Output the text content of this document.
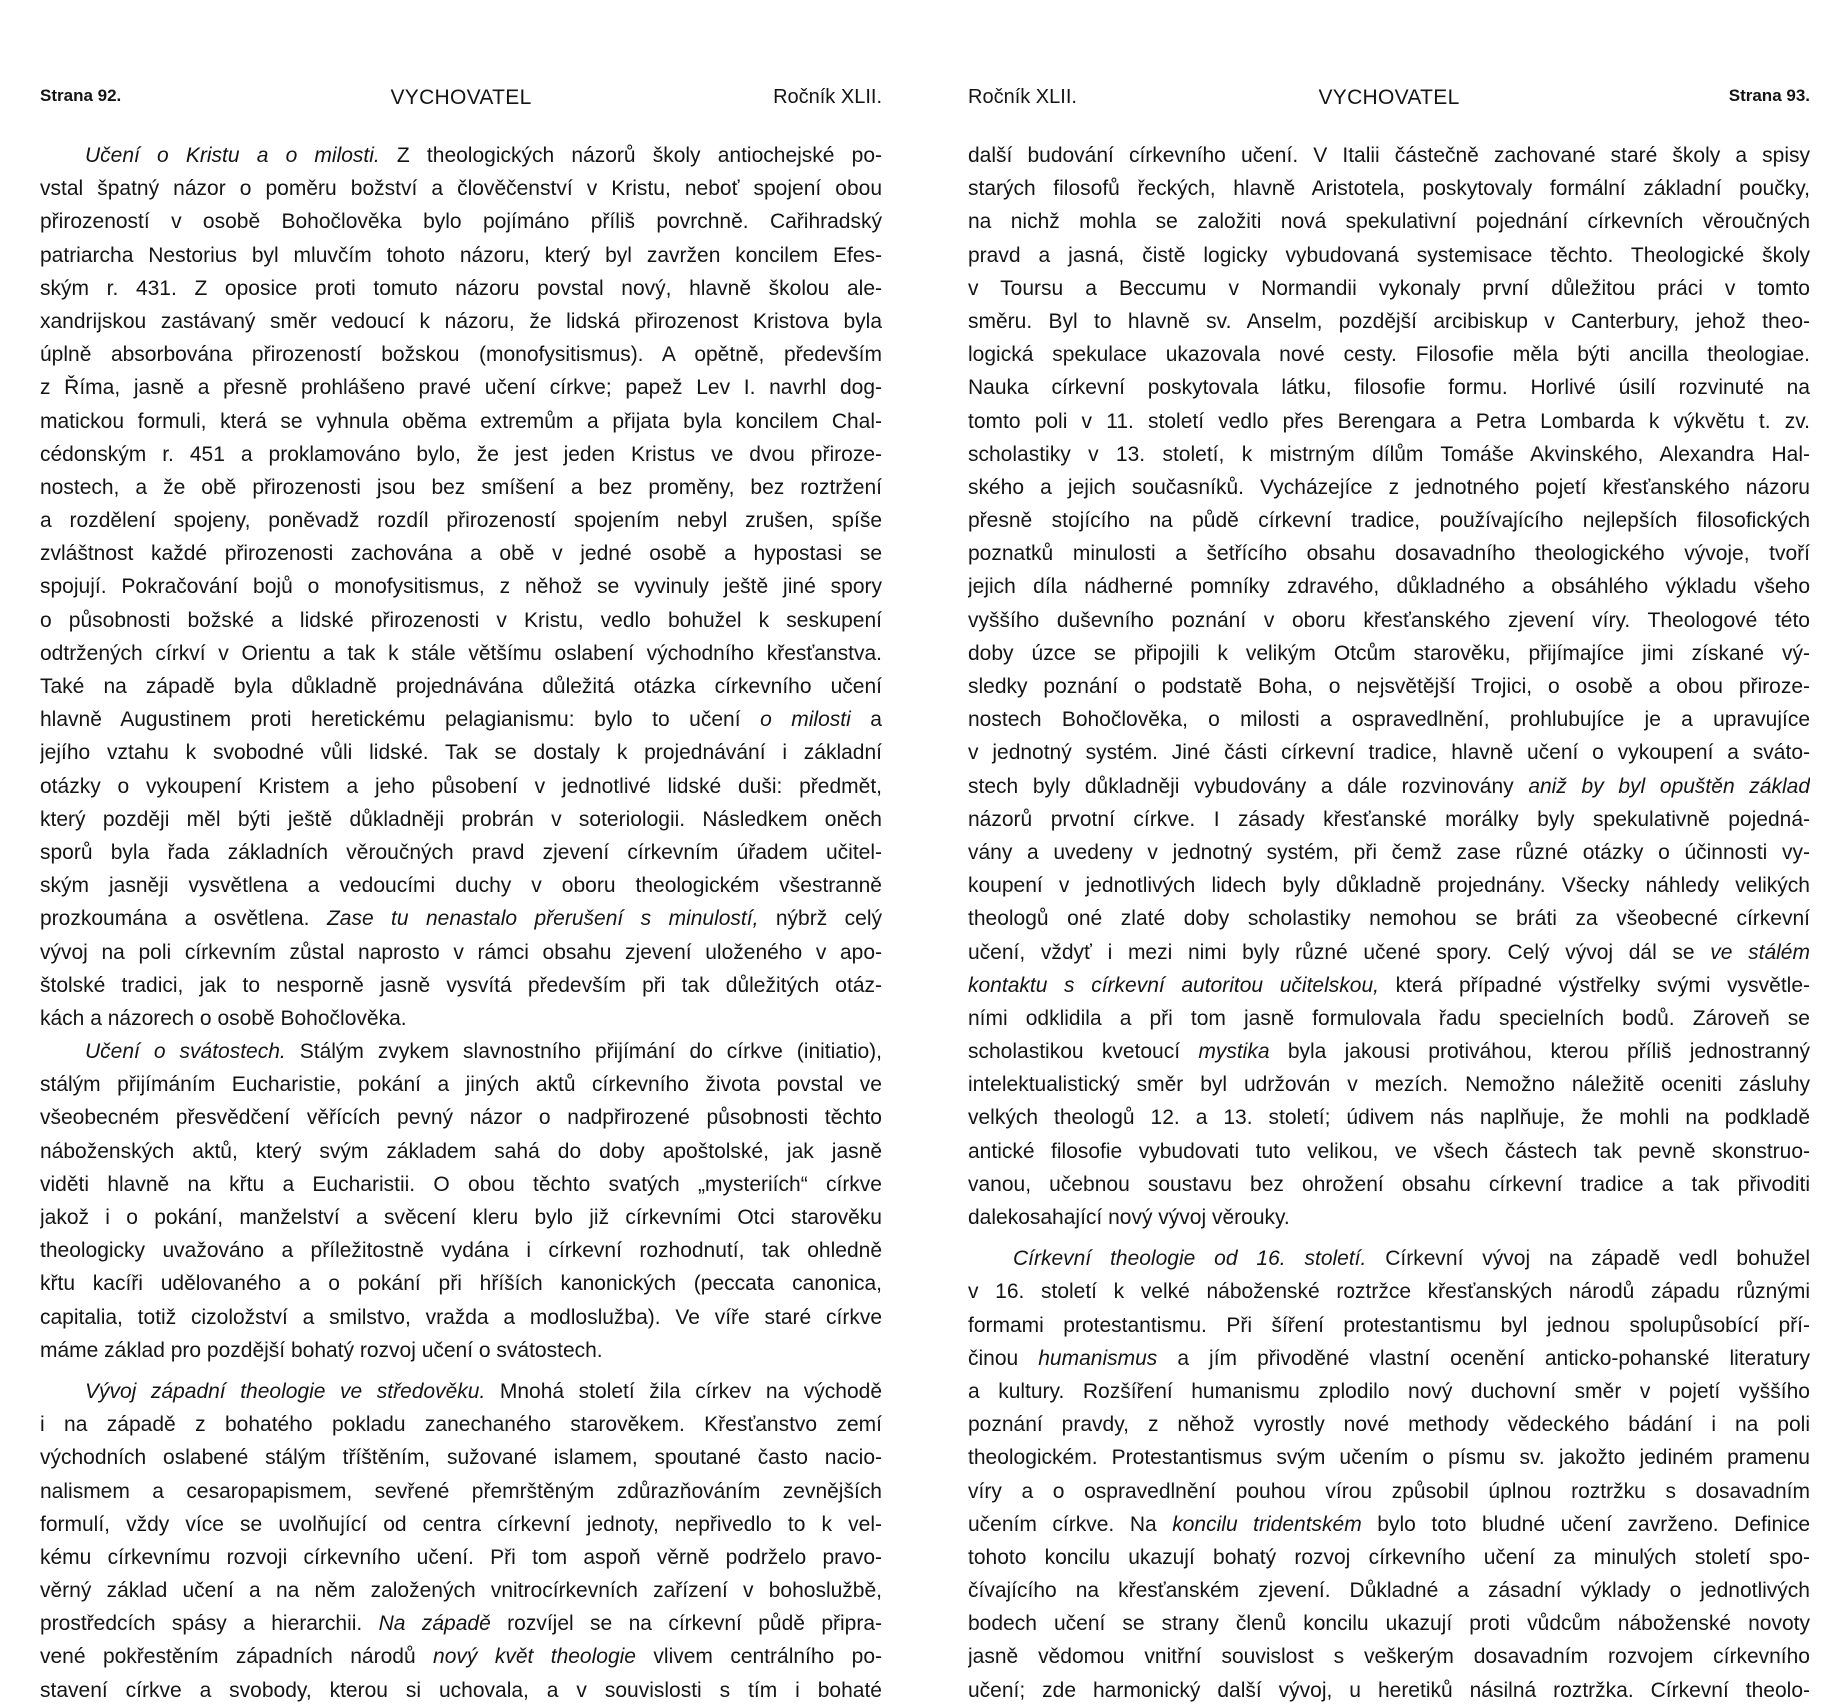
Strana 92.	VYCHOVATEL	Ročník XLII.
Učení o Kristu a o milosti. Z theologických názorů školy antiochejské po-
vstal špatný názor o poměru božství a člověčenství v Kristu, neboť spojení obou
přirozeností v osobě Bohočlověka bylo pojímáno příliš povrchně. Cařihradský
patriarcha Nestorius byl mluvčím tohoto názoru, který byl zavržen koncilem Efes-
ským r. 431. Z oposice proti tomuto názoru povstal nový, hlavně školou ale-
xandrijskou zastávaný směr vedoucí k názoru, že lidská přirozenost Kristova byla
úplně absorbována přirozeností božskou (monofysitismus). A opětně, především
z Říma, jasně a přesně prohlášeno pravé učení církve; papež Lev I. navrhl dog-
matickou formuli, která se vyhnula oběma extremům a přijata byla koncilem Chal-
cédonským r. 451 a proklamováno bylo, že jest jeden Kristus ve dvou přiroze-
nostech, a že obě přirozenosti jsou bez smíšení a bez proměny, bez roztržení
a rozdělení spojeny, poněvadž rozdíl přirozeností spojením nebyl zrušen, spíše
zvláštnost každé přirozenosti zachována a obě v jedné osobě a hypostasi se
spojují. Pokračování bojů o monofysitismus, z něhož se vyvinuly ještě jiné spory
o působnosti božské a lidské přirozenosti v Kristu, vedlo bohužel k seskupení
odtržených církví v Orientu a tak k stále většímu oslabení východního křesťanstva.
Také na západě byla důkladně projednávána důležitá otázka církevního učení
hlavně Augustinem proti heretickému pelagianismu: bylo to učení o milosti a
jejího vztahu k svobodné vůli lidské. Tak se dostaly k projednávání i základní
otázky o vykoupení Kristem a jeho působení v jednotlivé lidské duši: předmět,
který později měl býti ještě důkladněji probrán v soteriologii. Následkem oněch
sporů byla řada základních věroučných pravd zjevení církevním úřadem učitel-
ským jasněji vysvětlena a vedoucími duchy v oboru theologickém všestranně
prozkoumána a osvětlena. Zase tu nenastalo přerušení s minulostí, nýbrž celý
vývoj na poli církevním zůstal naprosto v rámci obsahu zjevení uloženého v apo-
štolské tradici, jak to nesporně jasně vysvítá především při tak důležitých otáz-
kách a názorech o osobě Bohočlověka.
Učení o svátostech. Stálým zvykem slavnostního přijímání do církve (initiatio),
stálým přijímáním Eucharistie, pokání a jiných aktů církevního života povstal ve
všeobecném přesvědčení věřících pevný názor o nadpřirozené působnosti těchto
náboženských aktů, který svým základem sahá do doby apoštolské, jak jasně
viděti hlavně na křtu a Eucharistii. O obou těchto svatých „mysteriích“ církve
jakož i o pokání, manželství a svěcení kleru bylo již církevními Otci starověku
theologicky uvažováno a příležitostně vydána i církevní rozhodnutí, tak ohledně
křtu kacíři udělovaného a o pokání při hříších kanonických (peccata canonica,
capitalia, totiž cizoložství a smilstvo, vražda a modloslužba). Ve víře staré církve
máme základ pro pozdější bohatý rozvoj učení o svátostech.
Vývoj západní theologie ve středověku. Mnohá století žila církev na východě
i na západě z bohatého pokladu zanechaného starověkem. Křesťanstvo zemí
východních oslabené stálým tříštěním, sužované islamem, spoutané často nacio-
nalismem a cesaropapismem, sevřené přemrštěným zdůrazňováním zevnějších
formulí, vždy více se uvolňující od centra církevní jednoty, nepřivedlo to k vel-
kému církevnímu rozvoji církevního učení. Při tom aspoň věrně podrželo pravo-
věrný základ učení a na něm založených vnitrocírkevních zařízení v bohoslužbě,
prostředcích spásy a hierarchii. Na západě rozvíjel se na církevní půdě připra-
vené pokřestěním západních národů nový květ theologie vlivem centrálního po-
stavení církve a svobody, kterou si uchovala, a v souvislosti s tím i bohaté
Ročník XLII.	VYCHOVATEL	Strana 93.
další budování církevního učení. V Italii částečně zachované staré školy a spisy
starých filosofů řeckých, hlavně Aristotela, poskytovaly formální základní poučky,
na nichž mohla se založiti nová spekulativní pojednání církevních věroučných
pravd a jasná, čistě logicky vybudovaná systemisace těchto. Theologické školy
v Toursu a Beccumu v Normandii vykonaly první důležitou práci v tomto
směru. Byl to hlavně sv. Anselm, pozdější arcibiskup v Canterbury, jehož theo-
logická spekulace ukazovala nové cesty. Filosofie měla býti ancilla theologiae.
Nauka církevní poskytovala látku, filosofie formu. Horlivé úsilí rozvinuté na
tomto poli v 11. století vedlo přes Berengara a Petra Lombarda k výkvětu t. zv.
scholastiky v 13. století, k mistrným dílům Tomáše Akvinského, Alexandra Hal-
ského a jejich současníků. Vycházejíce z jednotného pojetí křesťanského názoru
přesně stojícího na půdě církevní tradice, používajícího nejlepších filosofických
poznatků minulosti a šetřícího obsahu dosavadního theologického vývoje, tvoří
jejich díla nádherné pomníky zdravého, důkladného a obsáhlého výkladu všeho
vyššího duševního poznání v oboru křesťanského zjevení víry. Theologové této
doby úzce se připojili k velikým Otcům starověku, přijímajíce jimi získané vý-
sledky poznání o podstatě Boha, o nejsvětější Trojici, o osobě a obou přiroze-
nostech Bohočlověka, o milosti a ospravedlnění, prohlubujíce je a upravujíce
v jednotný systém. Jiné části církevní tradice, hlavně učení o vykoupení a sváto-
stech byly důkladněji vybudovány a dále rozvinovány aniž by byl opuštěn základ
názorů prvotní církve. I zásady křesťanské morálky byly spekulativně pojedná-
vány a uvedeny v jednotný systém, při čemž zase různé otázky o účinnosti vy-
koupení v jednotlivých lidech byly důkladně projednány. Všecky náhledy velikých
theologů oné zlaté doby scholastiky nemohou se bráti za všeobecné církevní
učení, vždyť i mezi nimi byly různé učené spory. Celý vývoj dál se ve stálém
kontaktu s církevní autoritou učitelskou, která případné výstřelky svými vysvětle-
ními odklidila a při tom jasně formulovala řadu specielních bodů. Zároveň se
scholastikou kvetoucí mystika byla jakousi protiváhou, kterou příliš jednostranný
intelektualistický směr byl udržován v mezích. Nemožno náležitě oceniti zásluhy
velkých theologů 12. a 13. století; údivem nás naplňuje, že mohli na podkladě
antické filosofie vybudovati tuto velikou, ve všech částech tak pevně skonstruo-
vanou, učebnou soustavu bez ohrožení obsahu církevní tradice a tak přivoditi
dalekosahající nový vývoj věrouky.
Církevní theologie od 16. století. Církevní vývoj na západě vedl bohužel
v 16. století k velké náboženské roztržce křesťanských národů západu různými
formami protestantismu. Při šíření protestantismu byl jednou spolupůsobící pří-
činou humanismus a jím přivoděné vlastní ocenění anticko-pohanské literatury
a kultury. Rozšíření humanismu zplodilo nový duchovní směr v pojetí vyššího
poznání pravdy, z něhož vyrostly nové methody vědeckého bádání i na poli
theologickém. Protestantismus svým učením o písmu sv. jakožto jediném pramenu
víry a o ospravedlnění pouhou vírou způsobil úplnou roztržku s dosavadním
učením církve. Na koncilu tridentském bylo toto bludné učení zavrženo. Definice
tohoto koncilu ukazují bohatý rozvoj církevního učení za minulých století spo-
čívajícího na křesťanském zjevení. Důkladné a zásadní výklady o jednotlivých
bodech učení se strany členů koncilu ukazují proti vůdcům náboženské novoty
jasně vědomou vnitřní souvislost s veškerým dosavadním rozvojem církevního
učení; zde harmonický další vývoj, u heretiků násilná roztržka. Církevní theolo-
